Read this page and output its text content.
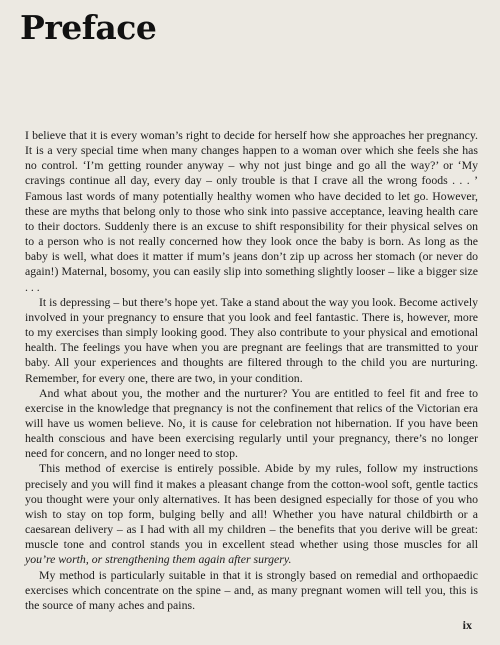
Preface

I believe that it is every woman’s right to decide for herself how she approaches her pregnancy. It is a very special time when many changes happen to a woman over which she feels she has no control. ‘I’m getting rounder anyway – why not just binge and go all the way?’ or ‘My cravings continue all day, every day – only trouble is that I crave all the wrong foods . . . ’ Famous last words of many potentially healthy women who have decided to let go. However, these are myths that belong only to those who sink into passive acceptance, leaving health care to their doctors. Suddenly there is an excuse to shift responsibility for their physical selves on to a person who is not really concerned how they look once the baby is born. As long as the baby is well, what does it matter if mum’s jeans don’t zip up across her stomach (or never do again!) Maternal, bosomy, you can easily slip into something slightly looser – like a bigger size . . .

It is depressing – but there’s hope yet. Take a stand about the way you look. Become actively involved in your pregnancy to ensure that you look and feel fantastic. There is, however, more to my exercises than simply looking good. They also contribute to your physical and emotional health. The feelings you have when you are pregnant are feelings that are transmitted to your baby. All your experiences and thoughts are filtered through to the child you are nurturing. Remember, for every one, there are two, in your condition.

And what about you, the mother and the nurturer? You are entitled to feel fit and free to exercise in the knowledge that pregnancy is not the confinement that relics of the Victorian era will have us women believe. No, it is cause for celebration not hibernation. If you have been health conscious and have been exercising regularly until your pregnancy, there’s no longer need for concern, and no longer need to stop.

This method of exercise is entirely possible. Abide by my rules, follow my instructions precisely and you will find it makes a pleasant change from the cotton-wool soft, gentle tactics you thought were your only alternatives. It has been designed especially for those of you who wish to stay on top form, bulging belly and all! Whether you have natural childbirth or a caesarean delivery – as I had with all my children – the benefits that you derive will be great: muscle tone and control stands you in excellent stead whether using those muscles for all you’re worth, or strengthening them again after surgery.

My method is particularly suitable in that it is strongly based on remedial and orthopaedic exercises which concentrate on the spine – and, as many pregnant women will tell you, this is the source of many aches and pains.

ix
